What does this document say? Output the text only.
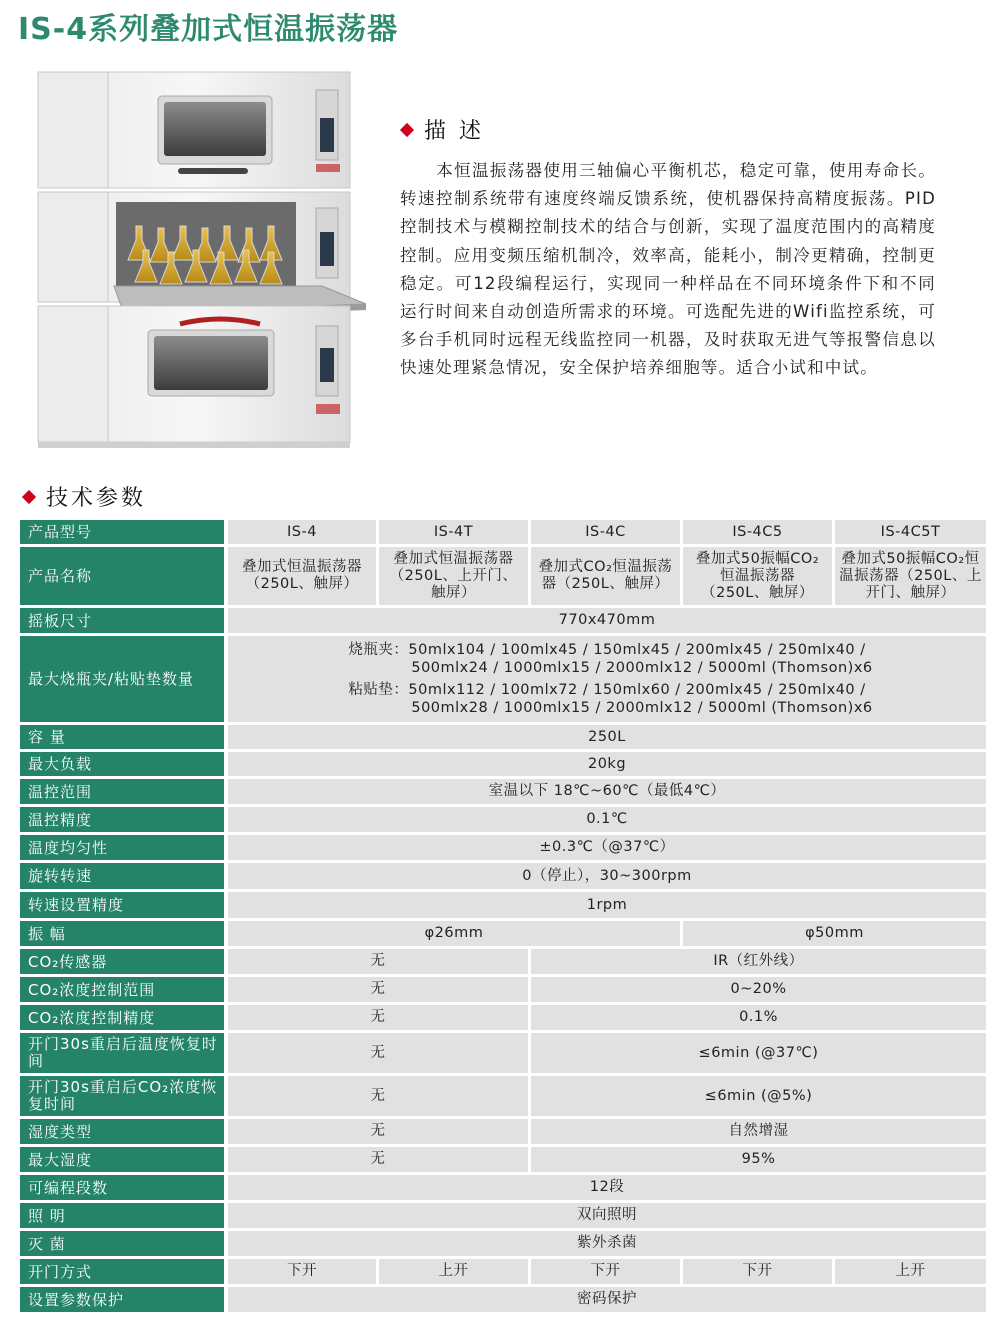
IS-4系列叠加式恒温振荡器
描 述

本恒温振荡器使用三轴偏心平衡机芯，稳定可靠，使用寿命长。转速控制系统带有速度终端反馈系统，使机器保持高精度振荡。PID控制技术与模糊控制技术的结合与创新，实现了温度范围内的高精度控制。应用变频压缩机制冷，效率高，能耗小，制冷更精确，控制更稳定。可12段编程运行，实现同一种样品在不同环境条件下和不同运行时间来自动创造所需求的环境。可选配先进的Wifi监控系统，可多台手机同时远程无线监控同一机器，及时获取无进气等报警信息以快速处理紧急情况，安全保护培养细胞等。适合小试和中试。

技术参数
产品型号	IS-4	IS-4T	IS-4C	IS-4C5	IS-4C5T
产品名称	叠加式恒温振荡器（250L、触屏）	叠加式恒温振荡器（250L、上开门、触屏）	叠加式CO₂恒温振荡器（250L、触屏）	叠加式50振幅CO₂恒温振荡器（250L、触屏）	叠加式50振幅CO₂恒温振荡器（250L、上开门、触屏）
摇板尺寸	770x470mm				
最大烧瓶夹/粘贴垫数量	烧瓶夹：50mlx104 / 100mlx45 / 150mlx45 / 200mlx45 / 250mlx40 /
500mlx24 / 1000mlx15 / 2000mlx12 / 5000ml (Thomson)x6
粘贴垫：50mlx112 / 100mlx72 / 150mlx60 / 200mlx45 / 250mlx40 /
500mlx28 / 1000mlx15 / 2000mlx12 / 5000ml (Thomson)x6				

容 量	250L				
最大负载	20kg				
温控范围	室温以下 18℃~60℃（最低4℃）				
温控精度	0.1℃				
温度均匀性	±0.3℃（@37℃）				
旋转转速	0（停止），30~300rpm				
转速设置精度	1rpm				
振 幅	φ26mm			φ50mm	
CO₂传感器	无		IR（红外线）		
CO₂浓度控制范围	无		0~20%		
CO₂浓度控制精度	无		0.1%		
开门30s重启后温度恢复时间	无		≤6min (@37℃)		
开门30s重启后CO₂浓度恢复时间	无		≤6min (@5%)		
湿度类型	无		自然增湿		
最大湿度	无		95%		
可编程段数	12段				
照 明	双向照明				
灭 菌	紫外杀菌				
开门方式	下开	上开	下开	下开	上开
设置参数保护	密码保护				
